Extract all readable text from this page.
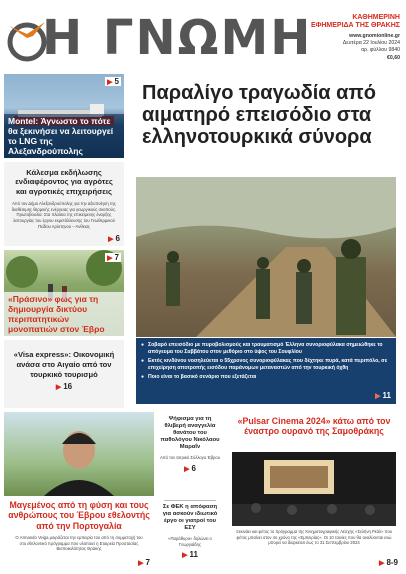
Η ΓΝΩΜΗ	ΚΑΘΗΜΕΡΙΝΗ
ΕΦΗΜΕΡΙΔΑ ΤΗΣ ΘΡΑΚΗΣ
www.gnomionline.gr
Δευτέρα 22 Ιουλίου 2024
αρ. φύλλου 9840
€0,60
▶ 5
Montel: Άγνωστο το πότε θα ξεκινήσει να λειτουργεί το LNG της Αλεξανδρούπολης
Κάλεσμα εκδήλωσης ενδιαφέροντος για αγρότες και αγροτικές επιχειρήσεις
Από τον Δήμο Αλεξανδρούπολης για την αξιοποίηση της διαθέσιμης θερμικής ενέργειας για γεωργικούς σκοπούς. Πρωτοβουλία: Στα πλαίσια της επικείμενης έναρξης λειτουργίας του έργου εκμετάλλευσης του Γεωθερμικού Πεδίου Αρίστηνου – Άνθειας
▶ 6
▶ 7
«Πράσινο» φως για τη δημιουργία δικτύου περιπατητικών μονοπατιών στον Έβρο
«Visa express»: Οικονομική ανάσα στο Αιγαίο από τον τουρκικό τουρισμό
▶ 16
Παραλίγο τραγωδία από αιματηρό επεισόδιο στα ελληνοτουρκικά σύνορα
● Σοβαρό επεισόδιο με πυροβολισμούς και τραυματισμό Έλληνα συνοριοφύλακα σημειώθηκε το απόγευμα του Σαββάτου στον μεθόριο στο ύψος του Σουφλίου
● Εκτός κινδύνου νοσηλεύεται ο 55χρονος συνοριοφύλακας που δέχτηκε πυρά, κατά περιπόλο, σε επιχείρηση αποτροπής εισόδου παράνομων μεταναστών από την τουρκική όχθη
● Ποιο είναι το βασικό σενάριο που εξετάζεται
▶ 11
Μαγεμένος από τη φύση και τους ανθρώπους του Έβρου εθελοντής από την Πορτογαλία
Ο Armando Veiga μοιράζεται την εμπειρία του από τη συμμετοχή του στο εθελοντικό πρόγραμμα που υλοποιεί η Εταιρεία Προστασίας Βιοποικιλότητας Θράκης
▶ 7
Ψήφισμα για τη θλιβερή αναγγελία θανάτου του παθολόγου Νικόλαου Μαραΐν
Από τον Ιατρικό Σύλλογο Έβρου
▶ 6
Σε ΦΕΚ η απόφαση για ασκούν ιδιωτικό έργο οι γιατροί του ΕΣΥ
«Παράθυρο» δηλώνει ο Γεωργιάδης
▶ 11
«Pulsar Cinema 2024» κάτω από τον έναστρο ουρανό της Σαμοθράκης
Ξεκινάει και φέτος το πρόγραμμα της Κινηματογραφικής Λέσχης «Σελήνη Ρεάλ» που φέτος μπαίνει στον 4ο χρόνο της «Εμπειρίας». Οι 10 ταινίες που θα αναλύονται ενώ μπορεί να διαρκέσει έως το 31 Σεπτεμβρίου 2024
▶ 8-9
